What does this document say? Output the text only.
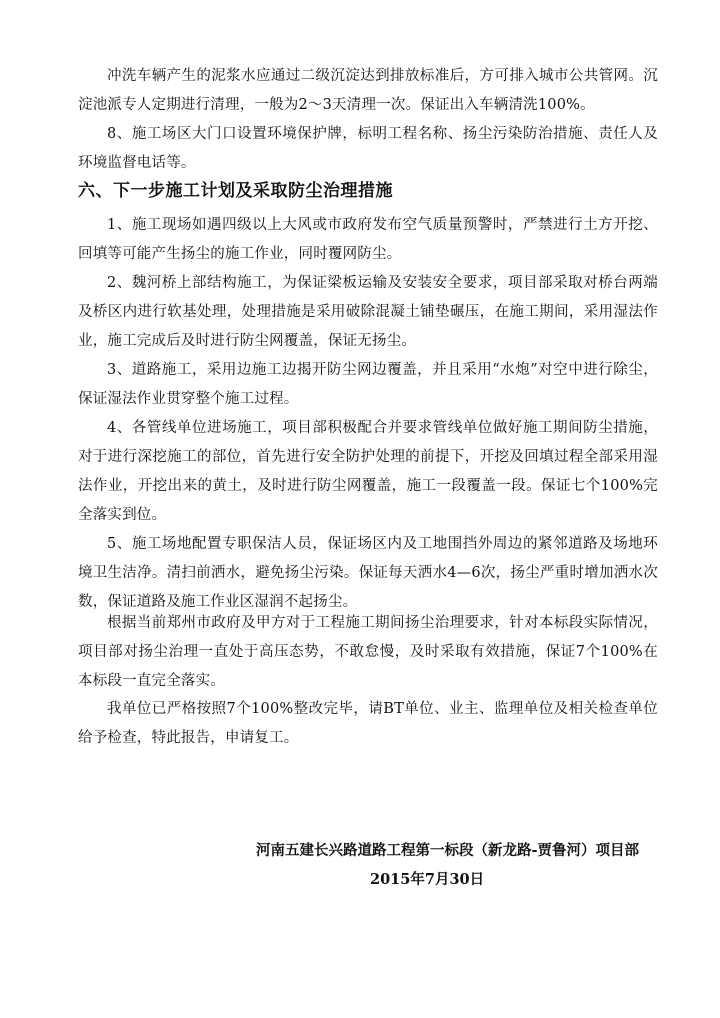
冲洗车辆产生的泥浆水应通过二级沉淀达到排放标准后，方可排入城市公共管网。沉淀池派专人定期进行清理，一般为2～3天清理一次。保证出入车辆清洗100%。

8、施工场区大门口设置环境保护牌，标明工程名称、扬尘污染防治措施、责任人及环境监督电话等。

六、下一步施工计划及采取防尘治理措施

1、施工现场如遇四级以上大风或市政府发布空气质量预警时，严禁进行土方开挖、回填等可能产生扬尘的施工作业，同时覆网防尘。

2、魏河桥上部结构施工，为保证梁板运输及安装安全要求，项目部采取对桥台两端及桥区内进行软基处理，处理措施是采用破除混凝土铺垫碾压，在施工期间，采用湿法作业，施工完成后及时进行防尘网覆盖，保证无扬尘。

3、道路施工，采用边施工边揭开防尘网边覆盖，并且采用“水炮”对空中进行除尘，保证湿法作业贯穿整个施工过程。

4、各管线单位进场施工，项目部积极配合并要求管线单位做好施工期间防尘措施，对于进行深挖施工的部位，首先进行安全防护处理的前提下，开挖及回填过程全部采用湿法作业，开挖出来的黄土，及时进行防尘网覆盖，施工一段覆盖一段。保证七个100%完全落实到位。

5、施工场地配置专职保洁人员，保证场区内及工地围挡外周边的紧邻道路及场地环境卫生洁净。清扫前洒水，避免扬尘污染。保证每天洒水4—6次，扬尘严重时增加洒水次数，保证道路及施工作业区湿润不起扬尘。

根据当前郑州市政府及甲方对于工程施工期间扬尘治理要求，针对本标段实际情况，项目部对扬尘治理一直处于高压态势，不敢怠慢，及时采取有效措施，保证7个100%在本标段一直完全落实。

我单位已严格按照7个100%整改完毕，请BT单位、业主、监理单位及相关检查单位给予检查，特此报告，申请复工。

河南五建长兴路道路工程第一标段（新龙路-贾鲁河）项目部

2015年7月30日
